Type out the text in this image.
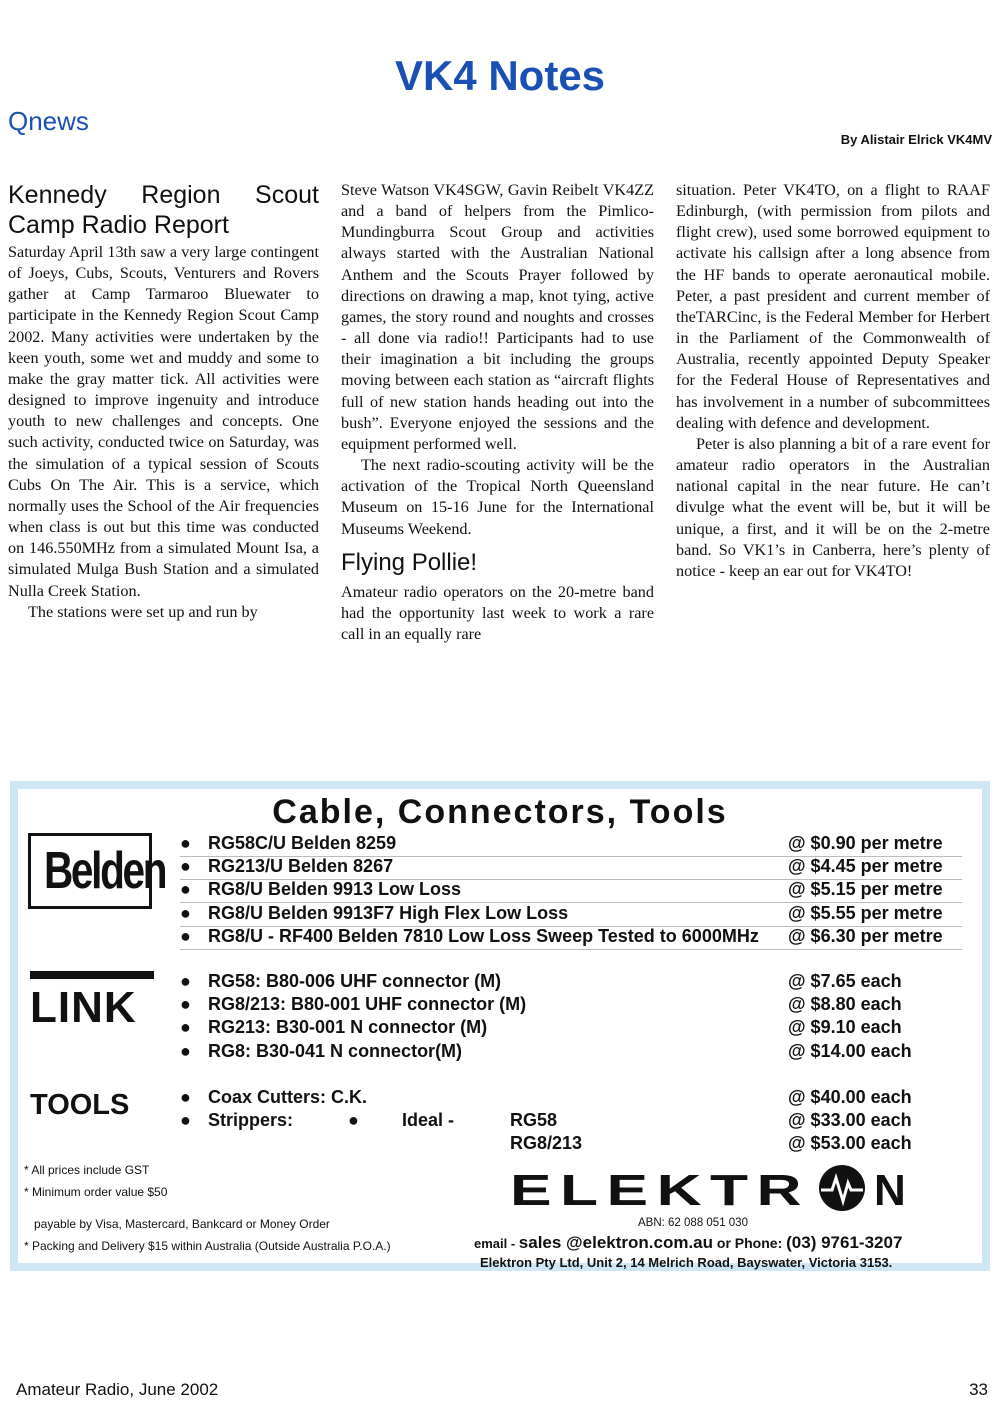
VK4 Notes
Qnews
By Alistair Elrick VK4MV
Kennedy Region Scout Camp Radio Report

Saturday April 13th saw a very large contingent of Joeys, Cubs, Scouts, Venturers and Rovers gather at Camp Tarmaroo Bluewater to participate in the Kennedy Region Scout Camp 2002. Many activities were undertaken by the keen youth, some wet and muddy and some to make the gray matter tick. All activities were designed to improve ingenuity and introduce youth to new challenges and concepts. One such activity, conducted twice on Saturday, was the simulation of a typical session of Scouts Cubs On The Air. This is a service, which normally uses the School of the Air frequencies when class is out but this time was conducted on 146.550MHz from a simulated Mount Isa, a simulated Mulga Bush Station and a simulated Nulla Creek Station.

The stations were set up and run by

Steve Watson VK4SGW, Gavin Reibelt VK4ZZ and a band of helpers from the Pimlico-Mundingburra Scout Group and activities always started with the Australian National Anthem and the Scouts Prayer followed by directions on drawing a map, knot tying, active games, the story round and noughts and crosses - all done via radio!! Participants had to use their imagination a bit including the groups moving between each station as “aircraft flights full of new station hands heading out into the bush”. Everyone enjoyed the sessions and the equipment performed well.

The next radio-scouting activity will be the activation of the Tropical North Queensland Museum on 15-16 June for the International Museums Weekend.

Flying Pollie!

Amateur radio operators on the 20-metre band had the opportunity last week to work a rare call in an equally rare

situation. Peter VK4TO, on a flight to RAAF Edinburgh, (with permission from pilots and flight crew), used some borrowed equipment to activate his callsign after a long absence from the HF bands to operate aeronautical mobile. Peter, a past president and current member of theTARCinc, is the Federal Member for Herbert in the Parliament of the Commonwealth of Australia, recently appointed Deputy Speaker for the Federal House of Representatives and has involvement in a number of subcommittees dealing with defence and development.

Peter is also planning a bit of a rare event for amateur radio operators in the Australian national capital in the near future. He can’t divulge what the event will be, but it will be unique, a first, and it will be on the 2-metre band. So VK1’s in Canberra, here’s plenty of notice - keep an ear out for VK4TO!

Cable, Connectors, Tools
Belden
LINK
TOOLS
● RG58C/U Belden 8259	@ $0.90 per metre
● RG213/U Belden 8267	@ $4.45 per metre
● RG8/U Belden 9913 Low Loss	@ $5.15 per metre
● RG8/U Belden 9913F7 High Flex Low Loss	@ $5.55 per metre
● RG8/U - RF400 Belden 7810 Low Loss Sweep Tested to 6000MHz @ $6.30 per metre
● RG58: B80-006 UHF connector (M)	@ $7.65 each
● RG8/213: B80-001 UHF connector (M)	@ $8.80 each
● RG213: B30-001 N connector (M)	@ $9.10 each
● RG8: B30-041 N connector(M)	@ $14.00 each
● Coax Cutters: C.K.	@ $40.00 each
● Strippers:	● Ideal -	RG58	@ $33.00 each
RG8/213	@ $53.00 each
* All prices include GST
* Minimum order value $50
payable by Visa, Mastercard, Bankcard or Money Order
* Packing and Delivery $15 within Australia (Outside Australia P.O.A.)
ELEKTR N
ABN: 62 088 051 030
email - sales @elektron.com.au or Phone: (03) 9761-3207
Elektron Pty Ltd, Unit 2, 14 Melrich Road, Bayswater, Victoria 3153.
Amateur Radio, June 2002	33
